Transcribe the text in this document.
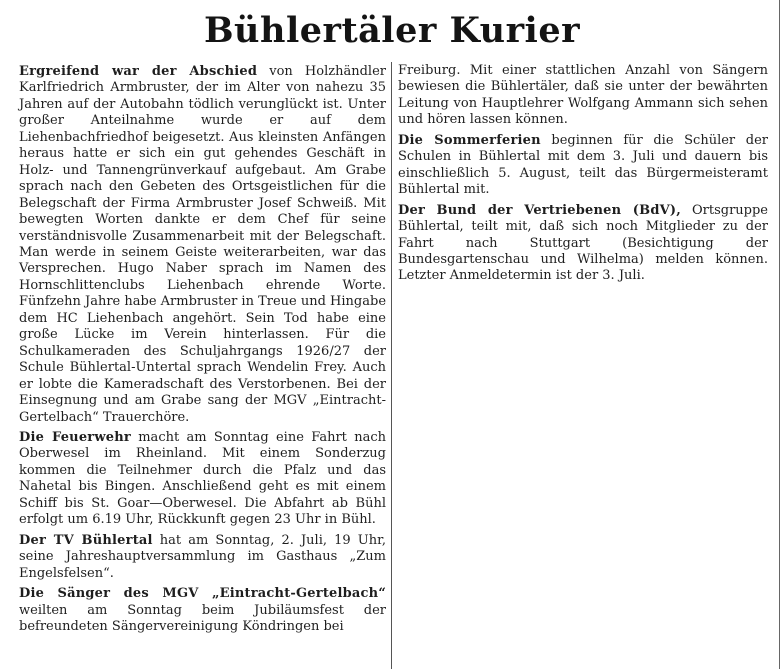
Bühlertäler Kurier

Ergreifend war der Abschied von Holzhändler Karlfriedrich Armbruster, der im Alter von nahezu 35 Jahren auf der Autobahn tödlich verunglückt ist. Unter großer Anteilnahme wurde er auf dem Liehenbachfriedhof beigesetzt. Aus kleinsten Anfängen heraus hatte er sich ein gut gehendes Geschäft in Holz- und Tannengrünverkauf aufgebaut. Am Grabe sprach nach den Gebeten des Ortsgeistlichen für die Belegschaft der Firma Armbruster Josef Schweiß. Mit bewegten Worten dankte er dem Chef für seine verständnisvolle Zusammenarbeit mit der Belegschaft. Man werde in seinem Geiste weiterarbeiten, war das Versprechen. Hugo Naber sprach im Namen des Hornschlittenclubs Liehenbach ehrende Worte. Fünfzehn Jahre habe Armbruster in Treue und Hingabe dem HC Liehenbach angehört. Sein Tod habe eine große Lücke im Verein hinterlassen. Für die Schulkameraden des Schuljahrgangs 1926/27 der Schule Bühlertal-Untertal sprach Wendelin Frey. Auch er lobte die Kameradschaft des Verstorbenen. Bei der Einsegnung und am Grabe sang der MGV „Eintracht-Gertelbach“ Trauerchöre.

Die Feuerwehr macht am Sonntag eine Fahrt nach Oberwesel im Rheinland. Mit einem Sonderzug kommen die Teilnehmer durch die Pfalz und das Nahetal bis Bingen. Anschließend geht es mit einem Schiff bis St. Goar—Oberwesel. Die Abfahrt ab Bühl erfolgt um 6.19 Uhr, Rückkunft gegen 23 Uhr in Bühl.

Der TV Bühlertal hat am Sonntag, 2. Juli, 19 Uhr, seine Jahreshauptversammlung im Gasthaus „Zum Engelsfelsen“.

Die Sänger des MGV „Eintracht-Gertelbach“ weilten am Sonntag beim Jubiläumsfest der befreundeten Sängervereinigung Köndringen bei

Freiburg. Mit einer stattlichen Anzahl von Sängern bewiesen die Bühlertäler, daß sie unter der bewährten Leitung von Hauptlehrer Wolfgang Ammann sich sehen und hören lassen können.

Die Sommerferien beginnen für die Schüler der Schulen in Bühlertal mit dem 3. Juli und dauern bis einschließlich 5. August, teilt das Bürgermeisteramt Bühlertal mit.

Der Bund der Vertriebenen (BdV), Ortsgruppe Bühlertal, teilt mit, daß sich noch Mitglieder zu der Fahrt nach Stuttgart (Besichtigung der Bundesgartenschau und Wilhelma) melden können. Letzter Anmeldetermin ist der 3. Juli.
